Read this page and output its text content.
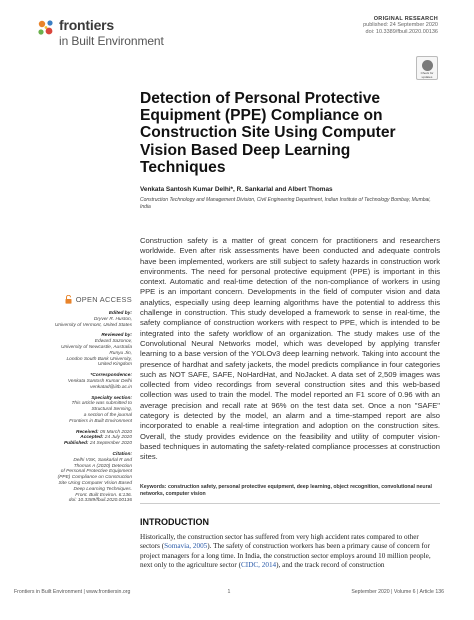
frontiers
in Built Environment
ORIGINAL RESEARCH
published: 24 September 2020
doi: 10.3389/fbuil.2020.00136
Check for
updates
Detection of Personal Protective Equipment (PPE) Compliance on Construction Site Using Computer Vision Based Deep Learning Techniques
Venkata Santosh Kumar Delhi*, R. Sankarlal and Albert Thomas
Construction Technology and Management Division, Civil Engineering Department, Indian Institute of Technology Bombay, Mumbai, India
Construction safety is a matter of great concern for practitioners and researchers worldwide. Even after risk assessments have been conducted and adequate controls have been implemented, workers are still subject to safety hazards in construction work environments. The need for personal protective equipment (PPE) is important in this context. Automatic and real-time detection of the non-compliance of workers in using PPE is an important concern. Developments in the field of computer vision and data analytics, especially using deep learning algorithms have the potential to address this challenge in construction. This study developed a framework to sense in real-time, the safety compliance of construction workers with respect to PPE, which is intended to be integrated into the safety workflow of an organization. The study makes use of the Convolutional Neural Networks model, which was developed by applying transfer learning to a base version of the YOLOv3 deep learning network. Taking into account the presence of hardhat and safety jackets, the model predicts compliance in four categories such as NOT SAFE, SAFE, NoHardHat, and NoJacket. A data set of 2,509 images was collected from video recordings from several construction sites and this web-based collection was used to train the model. The model reported an F1 score of 0.96 with an average precision and recall rate at 96% on the test data set. Once a non "SAFE" category is detected by the model, an alarm and a time-stamped report are also incorporated to enable a real-time integration and adoption on the construction sites. Overall, the study provides evidence on the feasibility and utility of computer vision-based techniques in automating the safety-related compliance processes at construction sites.
Keywords: construction safety, personal protective equipment, deep learning, object recognition, convolutional neural networks, computer vision
INTRODUCTION
Historically, the construction sector has suffered from very high accident rates compared to other sectors (Somavia, 2005). The safety of construction workers has been a primary cause of concern for project managers for a long time. In India, the construction sector employs around 10 million people, next only to the agriculture sector (CIDC, 2014), and the track record of construction
OPEN ACCESS
Edited by:
Dryver R. Huston,
University of Vermont, United States
Reviewed by:
Edward Sazonov,
University of Newcastle, Australia
Runyu Jin,
London South Bank University,
United Kingdom
*Correspondence:
Venkata Santosh Kumar Delhi
venkatad@iitb.ac.in
Specialty section:
This article was submitted to
Structural Sensing,
a section of the journal
Frontiers in Built Environment
Received: 05 March 2020
Accepted: 24 July 2020
Published: 24 September 2020
Citation:
Delhi VSK, Sankarlal R and
Thomas A (2020) Detection
of Personal Protective Equipment
(PPE) Compliance on Construction
Site Using Computer Vision Based
Deep Learning Techniques.
Front. Built Environ. 6:136.
doi: 10.3389/fbuil.2020.00136
Frontiers in Built Environment | www.frontiersin.org	1	September 2020 | Volume 6 | Article 136
